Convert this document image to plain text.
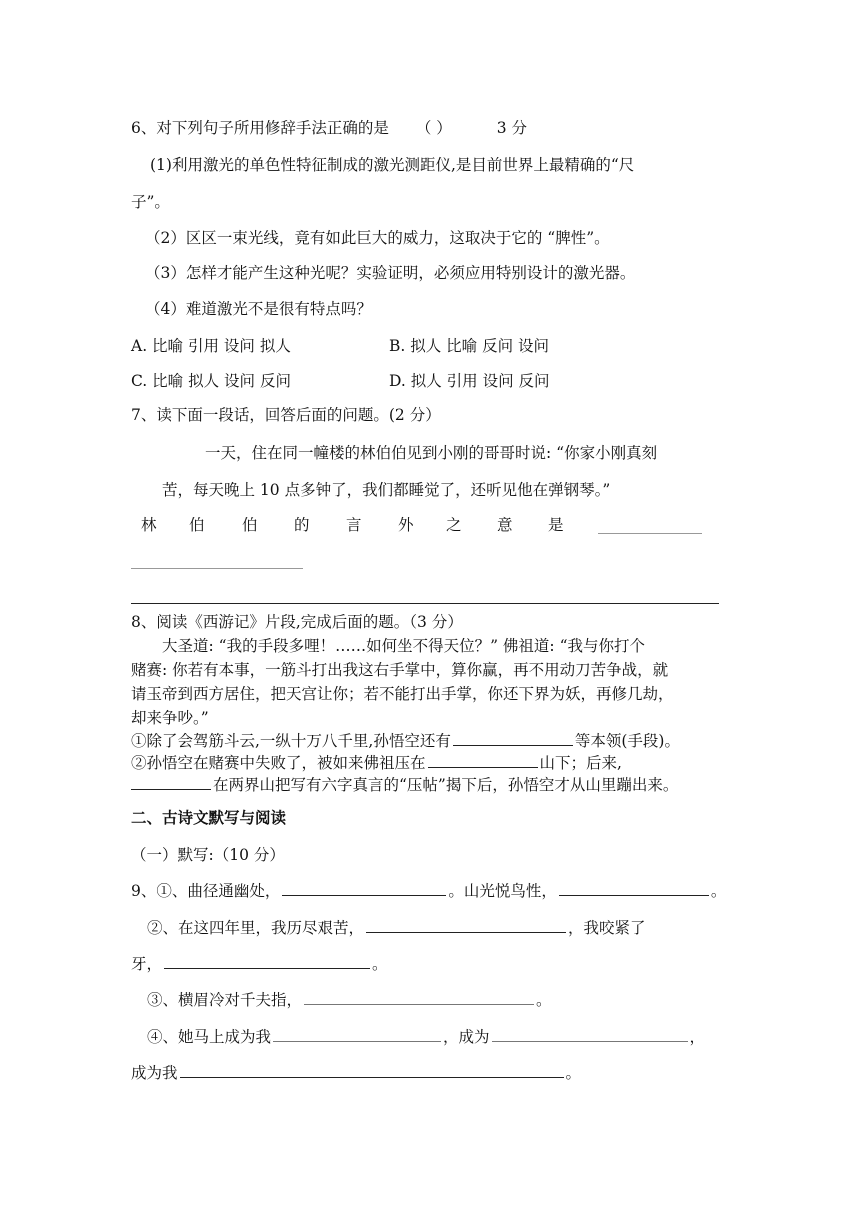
6、对下列句子所用修辞手法正确的是 （ ）	3 分
(1)利用激光的单色性特征制成的激光测距仪,是目前世界上最精确的“尺
子”。
（2）区区一束光线，竟有如此巨大的威力，这取决于它的 “脾性”。
（3）怎样才能产生这种光呢？实验证明，必须应用特别设计的激光器。
（4）难道激光不是很有特点吗？
A. 比喻 引用 设问 拟人	B. 拟人 比喻 反问 设问
C. 比喻 拟人 设问 反问	D. 拟人 引用 设问 反问
7、读下面一段话，回答后面的问题。(2 分）
一天，住在同一幢楼的林伯伯见到小刚的哥哥时说: “你家小刚真刻
苦，每天晚上 10 点多钟了，我们都睡觉了，还听见他在弹钢琴。”
林 伯 伯 的 言 外 之 意 是
8、阅读《西游记》片段,完成后面的题。（3 分）
大圣道: “我的手段多哩！……如何坐不得天位？” 佛祖道: “我与你打个
赌赛: 你若有本事，一筋斗打出我这右手掌中，算你赢，再不用动刀苦争战，就
请玉帝到西方居住，把天宫让你；若不能打出手掌，你还下界为妖，再修几劫，
却来争吵。”
①除了会驾筋斗云,一纵十万八千里,孙悟空还有	等本领(手段)。
②孙悟空在赌赛中失败了，被如来佛祖压在	山下；后来,
在两界山把写有六字真言的“压帖”揭下后，孙悟空才从山里蹦出来。
二、古诗文默写与阅读
（一）默写:（10 分）
9、①、曲径通幽处，	。山光悦鸟性，	。
②、在这四年里，我历尽艰苦，	，我咬紧了
牙，	。
③、横眉冷对千夫指，	。
④、她马上成为我	，成为	，
成为我	。
